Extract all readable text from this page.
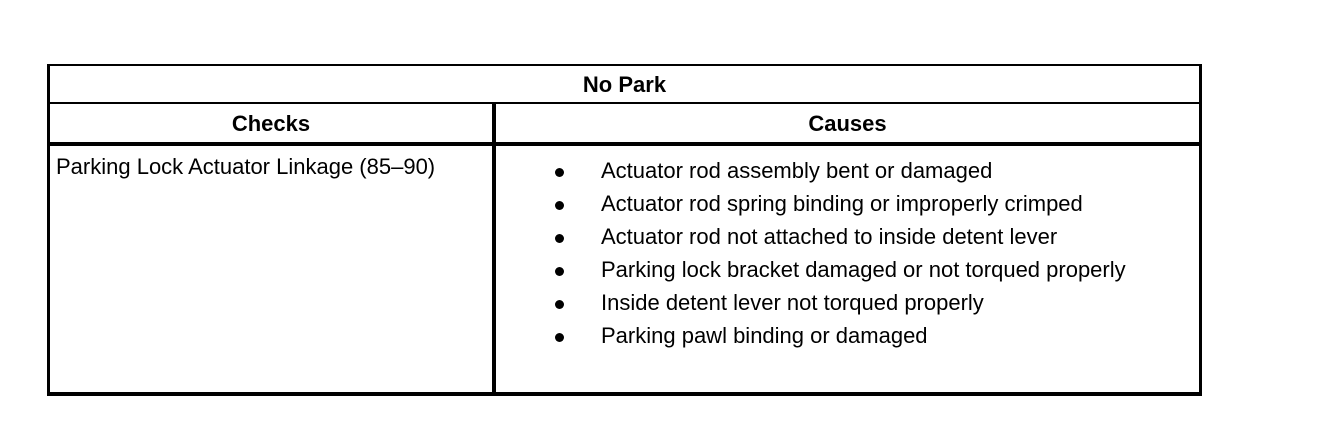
No Park
Checks	Causes
Parking Lock Actuator Linkage (85–90)	Actuator rod assembly bent or damaged
Actuator rod spring binding or improperly crimped
Actuator rod not attached to inside detent lever
Parking lock bracket damaged or not torqued properly
Inside detent lever not torqued properly
Parking pawl binding or damaged
